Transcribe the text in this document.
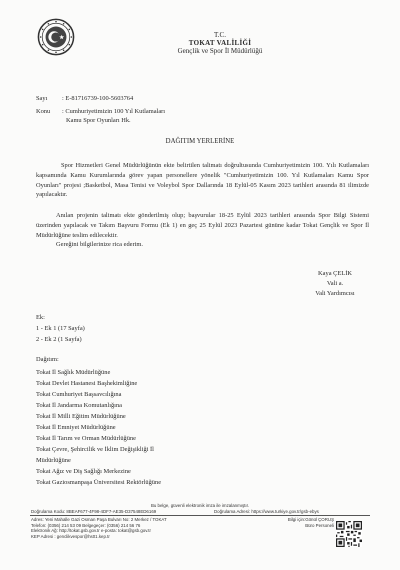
T.C.
TOKAT VALİLİĞİ
Gençlik ve Spor İl Müdürlüğü
Sayı : E-81716739-100-5603764
Konu : Cumhuriyetimizin 100 Yıl Kutlamaları
Kamu Spor Oyunları Hk.
DAĞITIM YERLERİNE
Spor Hizmetleri Genel Müdürlüğünün ekte belirtilen talimatı doğrultusunda Cumhuriyetimizin 100. Yılı Kutlamaları kapsamında Kamu Kurumlarında görev yapan personellere yönelik "Cumhuriyetimizin 100. Yıl Kutlamaları Kamu Spor Oyunları" projesi ;Basketbol, Masa Tenisi ve Voleybol Spor Dallarında 18 Eylül-05 Kasım 2023 tarihleri arasında 81 ilimizde yapılacaktır.
Anılan projenin talimatı ekte gönderilmiş olup; başvurular 18-25 Eylül 2023 tarihleri arasında Spor Bilgi Sistemi üzerinden yapılacak ve Takım Başvuru Formu (Ek 1) en geç 25 Eylül 2023 Pazartesi gününe kadar Tokat Gençlik ve Spor İl Müdürlüğüne teslim edilecektir.
Gereğini bilgilerinize rica ederim.
Kaya ÇELİK
Vali a.
Vali Yardımcısı
Ek:
1 - Ek 1 (17 Sayfa)
2 - Ek 2 (1 Sayfa)
Dağıtım:
Tokat İl Sağlık Müdürlüğüne
Tokat Devlet Hastanesi Başhekimliğine
Tokat Cumhuriyet Başsavcılığına
Tokat İl Jandarma Komutanlığına
Tokat İl Milli Eğitim Müdürlüğüne
Tokat İl Emniyet Müdürlüğüne
Tokat İl Tarım ve Orman Müdürlüğüne
Tokat Çevre, Şehircilik ve İklim Değişikliği İl
Müdürlüğüne
Tokat Ağız ve Diş Sağlığı Merkezine
Tokat Gaziosmanpaşa Üniversitesi Rektörlüğüne
Bu belge, güvenli elektronik imza ile imzalanmıştır.
Doğrulama Kodu: 8BEAF677-4F98-4DF7-AE35-D37548ED6169	Doğrulama Adresi: https://www.turkiye.gov.tr/gsb-ebys
Adres: Yeni Mahalle Gazi Osman Paşa Bulvarı No: 2 Merkez / TOKAT
Telefon: (0356) 214 53 09 Belgegeçer: (0356) 214 56 76
Elektronik Ağ: http://tokat.gsb.gov.tr e-posta: tokat@gsb.gov.tr
KEP Adresi : genclikvespor@hs01.kep.tr
Bilgi için:Gönül ÇORUŞ
Büro Personeli
